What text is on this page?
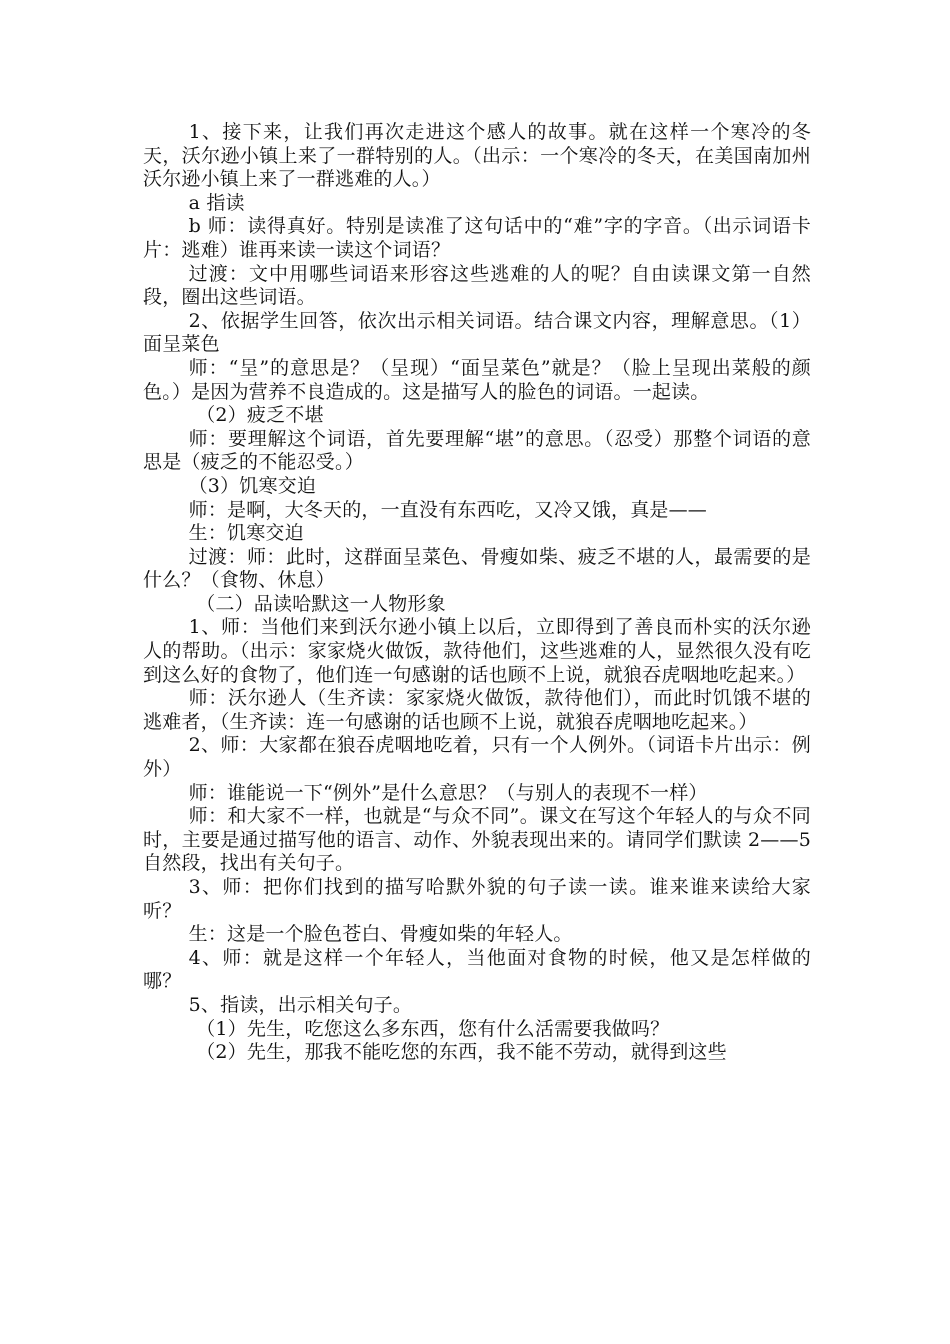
1、接下来，让我们再次走进这个感人的故事。就在这样一个寒冷的冬天，沃尔逊小镇上来了一群特别的人。（出示：一个寒冷的冬天，在美国南加州沃尔逊小镇上来了一群逃难的人。）

a 指读

b 师：读得真好。特别是读准了这句话中的“难”字的字音。（出示词语卡片：逃难）谁再来读一读这个词语？

过渡：文中用哪些词语来形容这些逃难的人的呢？自由读课文第一自然段，圈出这些词语。

2、依据学生回答，依次出示相关词语。结合课文内容，理解意思。（1）面呈菜色

师：“呈”的意思是？（呈现）“面呈菜色”就是？（脸上呈现出菜般的颜色。）是因为营养不良造成的。这是描写人的脸色的词语。一起读。

（2）疲乏不堪

师：要理解这个词语，首先要理解“堪”的意思。（忍受）那整个词语的意思是（疲乏的不能忍受。）

（3）饥寒交迫

师：是啊，大冬天的，一直没有东西吃，又冷又饿，真是——

生：饥寒交迫

过渡：师：此时，这群面呈菜色、骨瘦如柴、疲乏不堪的人，最需要的是什么？（食物、休息）

（二）品读哈默这一人物形象

1、师：当他们来到沃尔逊小镇上以后，立即得到了善良而朴实的沃尔逊人的帮助。（出示：家家烧火做饭，款待他们，这些逃难的人，显然很久没有吃到这么好的食物了，他们连一句感谢的话也顾不上说，就狼吞虎咽地吃起来。）

师：沃尔逊人（生齐读：家家烧火做饭，款待他们），而此时饥饿不堪的逃难者，（生齐读：连一句感谢的话也顾不上说，就狼吞虎咽地吃起来。）

2、师：大家都在狼吞虎咽地吃着，只有一个人例外。（词语卡片出示：例外）

师：谁能说一下“例外”是什么意思？（与别人的表现不一样）

师：和大家不一样，也就是“与众不同”。课文在写这个年轻人的与众不同时，主要是通过描写他的语言、动作、外貌表现出来的。请同学们默读 2——5 自然段，找出有关句子。

3、师：把你们找到的描写哈默外貌的句子读一读。谁来谁来读给大家听？

生：这是一个脸色苍白、骨瘦如柴的年轻人。

4、师：就是这样一个年轻人，当他面对食物的时候，他又是怎样做的哪？

5、指读，出示相关句子。

（1）先生，吃您这么多东西，您有什么活需要我做吗？

（2）先生，那我不能吃您的东西，我不能不劳动，就得到这些
